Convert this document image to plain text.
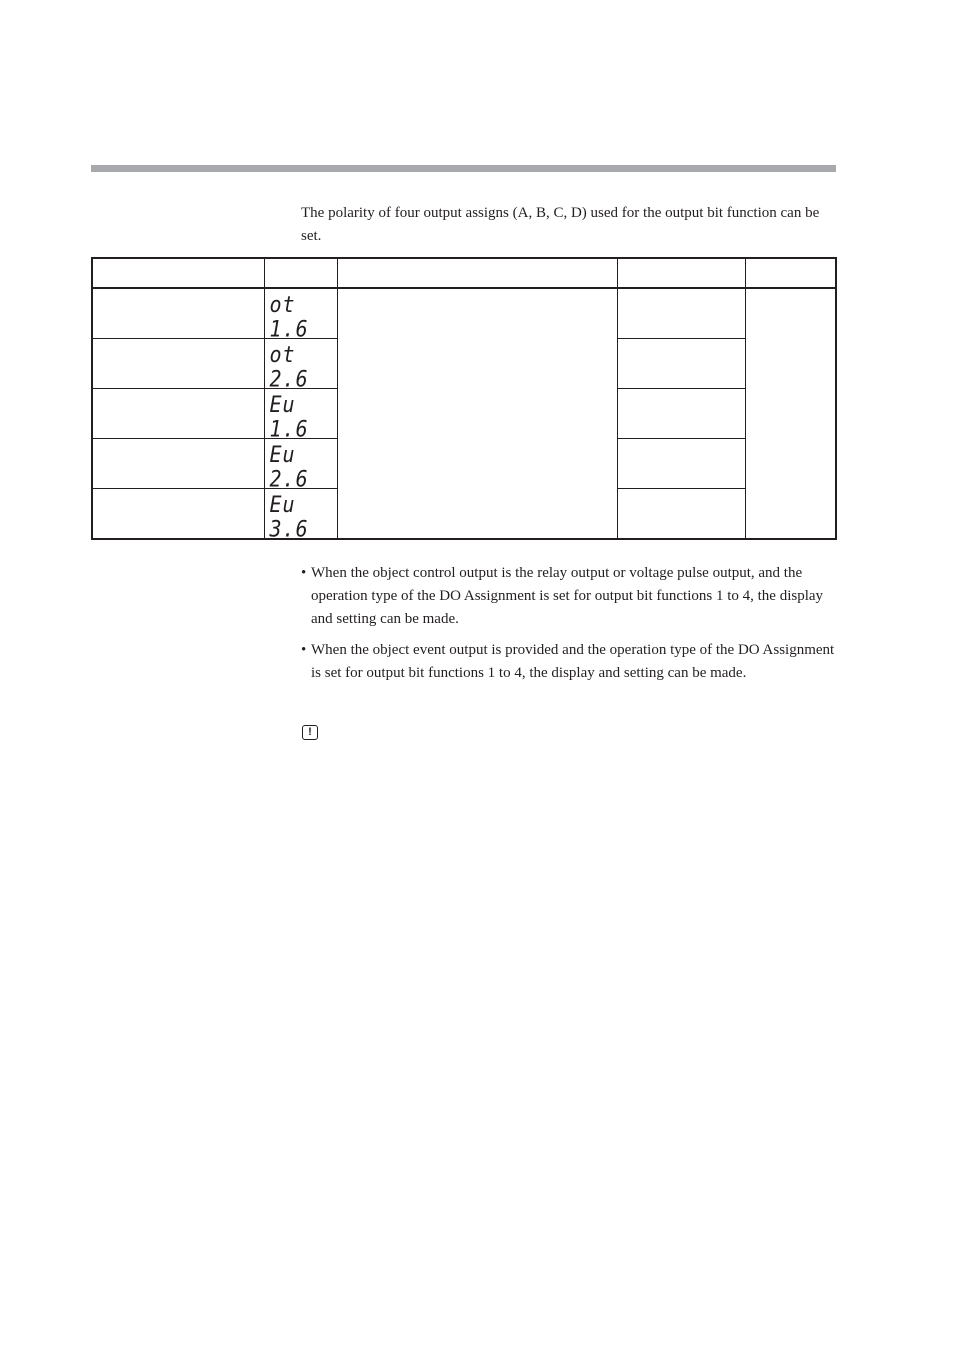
The polarity of four output assigns (A, B, C, D) used for the output bit function can be set.

	ot 1.6			

	ot 2.6			

	Eu 1.6			

	Eu 2.6			

	Eu 3.6			

• When the object control output is the relay output or voltage pulse output, and the operation type of the DO Assignment is set for output bit functions 1 to 4, the display and setting can be made.
• When the object event output is provided and the operation type of the DO Assignment is set for output bit functions 1 to 4, the display and setting can be made.
!
